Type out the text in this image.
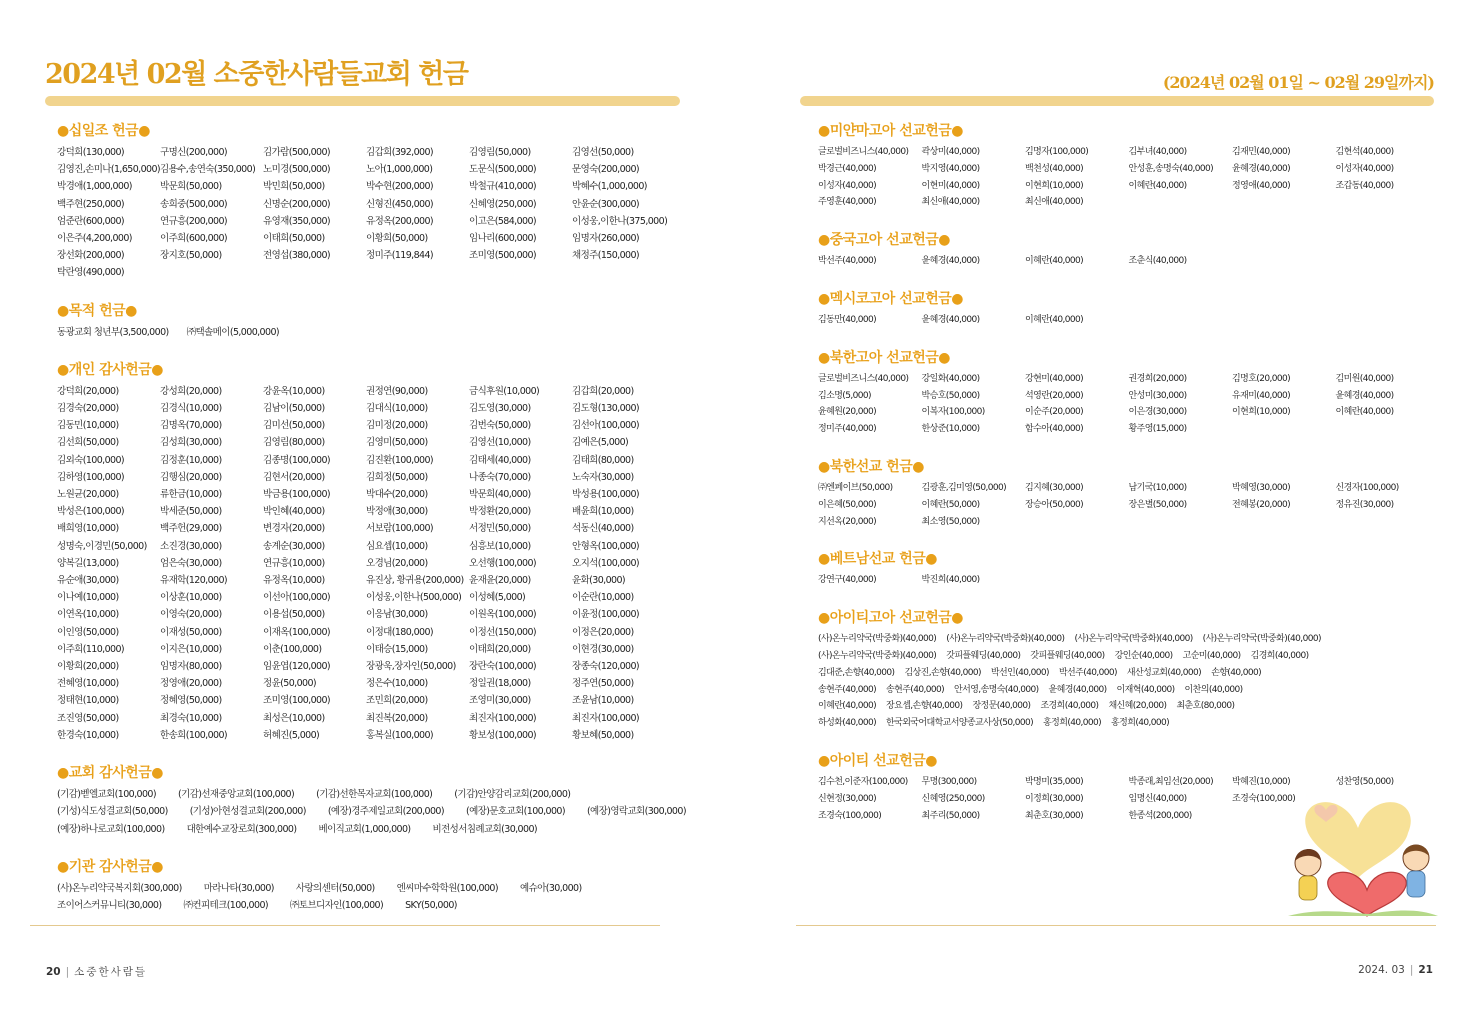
2024년 02월 소중한사람들교회 헌금
●십일조 헌금●
강덕희(130,000)	구명신(200,000)	김가람(500,000)	김갑희(392,000)	김영림(50,000)	김영선(50,000)
김영진,손미나(1,650,000) 김용수,송연숙(350,000) 노미경(500,000)	노아(1,000,000)	도문식(500,000)	문영숙(200,000)
박경애(1,000,000)	박문희(50,000)	박민희(50,000)	박수현(200,000)	박철규(410,000)	박혜수(1,000,000)
백주현(250,000)	송희중(500,000)	신명순(200,000)	신형진(450,000)	신혜영(250,000)	안윤순(300,000)
엄준란(600,000)	연규흥(200,000)	유영재(350,000)	유정옥(200,000)	이고은(584,000)	이성웅,이한나(375,000)
이은주(4,200,000)	이주희(600,000)	이태희(50,000)	이황희(50,000)	임나리(600,000)	임명자(260,000)
장선화(200,000)	장지호(50,000)	전영섭(380,000)	정미주(119,844)	조미영(500,000)	채정주(150,000)
탁란영(490,000)
●목적 헌금●
동광교회 청년부(3,500,000)	㈜택솔메이(5,000,000)
●개인 감사헌금●
강덕희(20,000)	강성희(20,000)	강윤옥(10,000)	권정연(90,000)	금식후원(10,000)	김갑희(20,000)
김경숙(20,000)	김경식(10,000)	김남이(50,000)	김대식(10,000)	김도영(30,000)	김도형(130,000)
김동민(10,000)	김명옥(70,000)	김미선(50,000)	김미정(20,000)	김번숙(50,000)	김선아(100,000)
김선희(50,000)	김성희(30,000)	김영림(80,000)	김영미(50,000)	김영선(10,000)	김예은(5,000)
김외숙(100,000)	김정훈(10,000)	김종명(100,000)	김진환(100,000)	김태세(40,000)	김태희(80,000)
김하영(100,000)	김행심(20,000)	김현서(20,000)	김희정(50,000)	나종숙(70,000)	노숙자(30,000)
노원균(20,000)	류한금(10,000)	박금용(100,000)	박대수(20,000)	박문희(40,000)	박성용(100,000)
박성은(100,000)	박세준(50,000)	박인혜(40,000)	박정애(30,000)	박정환(20,000)	배윤희(10,000)
배희영(10,000)	백주헌(29,000)	변경자(20,000)	서보람(100,000)	서정민(50,000)	석동신(40,000)
성명숙,이경민(50,000)	소진경(30,000)	송계순(30,000)	심요셉(10,000)	심흥보(10,000)	안형옥(100,000)
양복길(13,000)	엄은숙(30,000)	연규흥(10,000)	오경님(20,000)	오선행(100,000)	오지석(100,000)
유순애(30,000)	유재학(120,000)	유정옥(10,000)	유진상, 황귀용(200,000) 윤재윤(20,000)	윤화(30,000)
이나예(10,000)	이상훈(10,000)	이선아(100,000)	이성웅,이한나(500,000) 이성혜(5,000)	이순란(10,000)
이연옥(10,000)	이영숙(20,000)	이용섭(50,000)	이응남(30,000)	이원옥(100,000)	이윤정(100,000)
이인영(50,000)	이재성(50,000)	이재옥(100,000)	이정대(180,000)	이정선(150,000)	이정은(20,000)
이주희(110,000)	이지은(10,000)	이춘(100,000)	이태승(15,000)	이태희(20,000)	이현경(30,000)
이황희(20,000)	임명자(80,000)	임윤엽(120,000)	장광욱,장자인(50,000)	장란숙(100,000)	장종숙(120,000)
전혜영(10,000)	정영애(20,000)	정윤(50,000)	정은수(10,000)	정일권(18,000)	정주연(50,000)
정태현(10,000)	정혜영(50,000)	조미영(100,000)	조민희(20,000)	조영미(30,000)	조윤남(10,000)
조진영(50,000)	최경숙(10,000)	최성은(10,000)	최진복(20,000)	최진자(100,000)	최진자(100,000)
한경숙(10,000)	한송희(100,000)	허혜진(5,000)	홍복실(100,000)	황보성(100,000)	황보혜(50,000)
●교회 감사헌금●
(기감)벧엘교회(100,000)	(기감)선재중앙교회(100,000)	(기감)선한목자교회(100,000)	(기감)안양감리교회(200,000)
(기성)식도성결교회(50,000)	(기성)아현성결교회(200,000)	(예장)경주제일교회(200,000)	(예장)문호교회(100,000)	(예장)영락교회(300,000)
(예장)하나로교회(100,000)	대한예수교장로회(300,000)	베이직교회(1,000,000)	비전성서침례교회(30,000)
●기관 감사헌금●
(사)온누리약국복지회(300,000)	마라나타(30,000)	사랑의센터(50,000)	엔씨마수학학원(100,000)	예슈아(30,000)
조이어스커뮤니티(30,000)	㈜컨피테크(100,000)	㈜토브디자인(100,000)	SKY(50,000)
20 | 소중한사람들
(2024년 02월 01일 ~ 02월 29일까지)
●미얀마고아 선교헌금●
글로벌비즈니스(40,000)	곽상미(40,000)	김명자(100,000)	김부녀(40,000)	김재민(40,000)	김현석(40,000)
박경근(40,000)	박지영(40,000)	백천성(40,000)	안성훈,송명숙(40,000)	윤혜경(40,000)	이성자(40,000)
이성자(40,000)	이현미(40,000)	이현희(10,000)	이혜란(40,000)	정영애(40,000)	조갑동(40,000)
주영훈(40,000)	최신애(40,000)	최신애(40,000)
●중국고아 선교헌금●
박선주(40,000)	윤혜경(40,000)	이혜란(40,000)	조춘식(40,000)
●멕시코고아 선교헌금●
김동만(40,000)	윤혜경(40,000)	이혜란(40,000)
●북한고아 선교헌금●
글로벌비즈니스(40,000)	강일화(40,000)	강현미(40,000)	권경희(20,000)	김명호(20,000)	김미원(40,000)
김소명(5,000)	박승호(50,000)	석영란(20,000)	안성미(30,000)	유재미(40,000)	윤혜경(40,000)
윤혜원(20,000)	이복자(100,000)	이순주(20,000)	이은경(30,000)	이현희(10,000)	이혜란(40,000)
정미주(40,000)	한상준(10,000)	함수아(40,000)	황주영(15,000)
●북한선교 헌금●
㈜엔페이브(50,000)	김광훈,김미영(50,000)	김지혜(30,000)	남기국(10,000)	박혜영(30,000)	신경자(100,000)
이은혜(50,000)	이혜란(50,000)	장승아(50,000)	장은별(50,000)	전혜봉(20,000)	정유진(30,000)
지선옥(20,000)	최소영(50,000)
●베트남선교 헌금●
강연구(40,000)	박진희(40,000)
●아이티고아 선교헌금●
(사)온누리약국(박중화)(40,000)	(사)온누리약국(박중화)(40,000)	(사)온누리약국(박중화)(40,000)	(사)온누리약국(박중화)(40,000)
(사)온누리약국(박중화)(40,000)	갓피플웨딩(40,000)	갓피플웨딩(40,000)	강인순(40,000)	고순미(40,000)	김경희(40,000)
김대준,손향(40,000)	김상진,손향(40,000)	박선인(40,000)	박선주(40,000)	새산성교회(40,000)	손향(40,000)
송현주(40,000)	송현주(40,000)	안서영,송명숙(40,000)	윤혜경(40,000)	이재혁(40,000)	이찬의(40,000)
이혜란(40,000)	장요셉,손향(40,000)	장정문(40,000)	조경희(40,000)	채신혜(20,000)	최춘호(80,000)
하성화(40,000)	한국외국어대학교서양종교사상(50,000)	홍정희(40,000)	홍정희(40,000)
●아이티 선교헌금●
김수천,이준자(100,000)	무명(300,000)	박명미(35,000)	박종래,최임선(20,000)	박혜진(10,000)	성찬영(50,000)
신현정(30,000)	신혜영(250,000)	이정희(30,000)	임명신(40,000)	조경숙(100,000)
조경숙(100,000)	최주리(50,000)	최춘호(30,000)	한종석(200,000)
2024. 03 | 21
